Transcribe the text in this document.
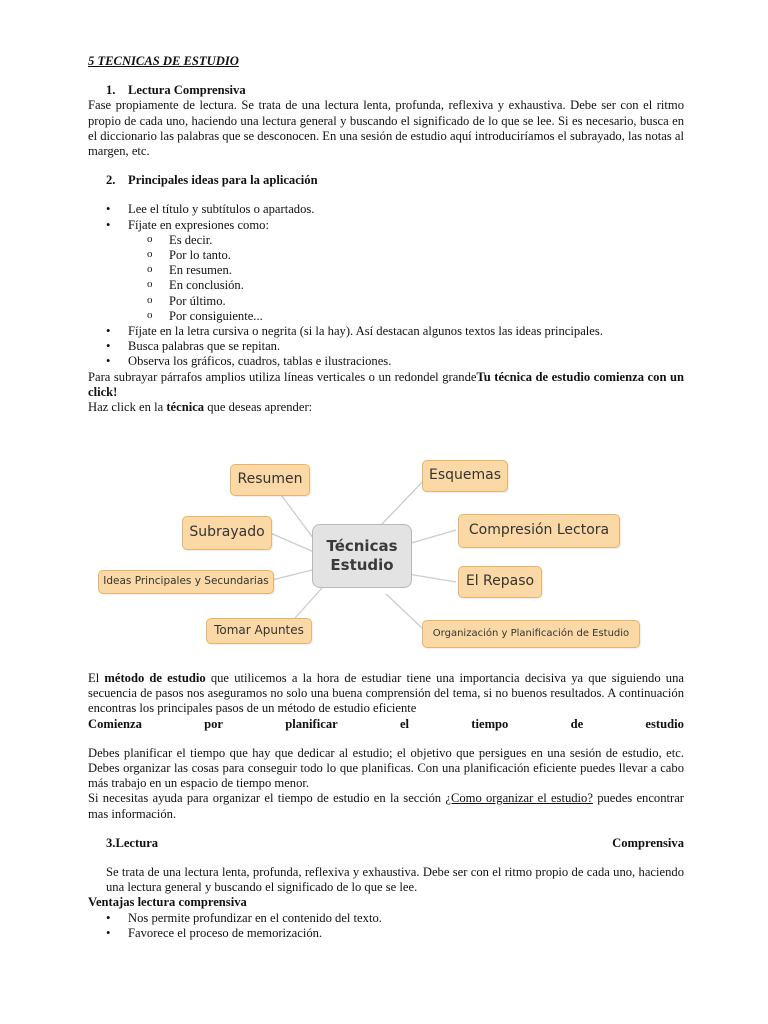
5 TECNICAS DE ESTUDIO
1. Lectura Comprensiva

Fase propiamente de lectura. Se trata de una lectura lenta, profunda, reflexiva y exhaustiva. Debe ser con el ritmo propio de cada uno, haciendo una lectura general y buscando el significado de lo que se lee. Si es necesario, busca en el diccionario las palabras que se desconocen. En una sesión de estudio aquí introduciríamos el subrayado, las notas al margen, etc.

2. Principales ideas para la aplicación
• Lee el título y subtítulos o apartados.
• Fíjate en expresiones como:
o Es decir.
o Por lo tanto.
o En resumen.
o En conclusión.
o Por último.
o Por consiguiente...
• Fíjate en la letra cursiva o negrita (si la hay). Así destacan algunos textos las ideas principales.
• Busca palabras que se repitan.
• Observa los gráficos, cuadros, tablas e ilustraciones.

Para subrayar párrafos amplios utiliza líneas verticales o un redondel grandeTu técnica de estudio comienza con un click!

Haz click en la técnica que deseas aprender:

Técnicas
Estudio
Resumen
Subrayado
Ideas Principales y Secundarias
Tomar Apuntes
Esquemas
Compresión Lectora
El Repaso
Organización y Planificación de Estudio

El método de estudio que utilicemos a la hora de estudiar tiene una importancia decisiva ya que siguiendo una secuencia de pasos nos aseguramos no solo una buena comprensión del tema, si no buenos resultados. A continuación encontras los principales pasos de un método de estudio eficiente

Comienza	por	planificar	el	tiempo	de	estudio

Debes planificar el tiempo que hay que dedicar al estudio; el objetivo que persigues en una sesión de estudio, etc. Debes organizar las cosas para conseguir todo lo que planificas. Con una planificación eficiente puedes llevar a cabo más trabajo en un espacio de tiempo menor.

Si necesitas ayuda para organizar el tiempo de estudio en la sección ¿Como organizar el estudio? puedes encontrar mas información.

3.Lectura	Comprensiva

Se trata de una lectura lenta, profunda, reflexiva y exhaustiva. Debe ser con el ritmo propio de cada uno, haciendo una lectura general y buscando el significado de lo que se lee.

Ventajas lectura comprensiva
• Nos permite profundizar en el contenido del texto.
• Favorece el proceso de memorización.
